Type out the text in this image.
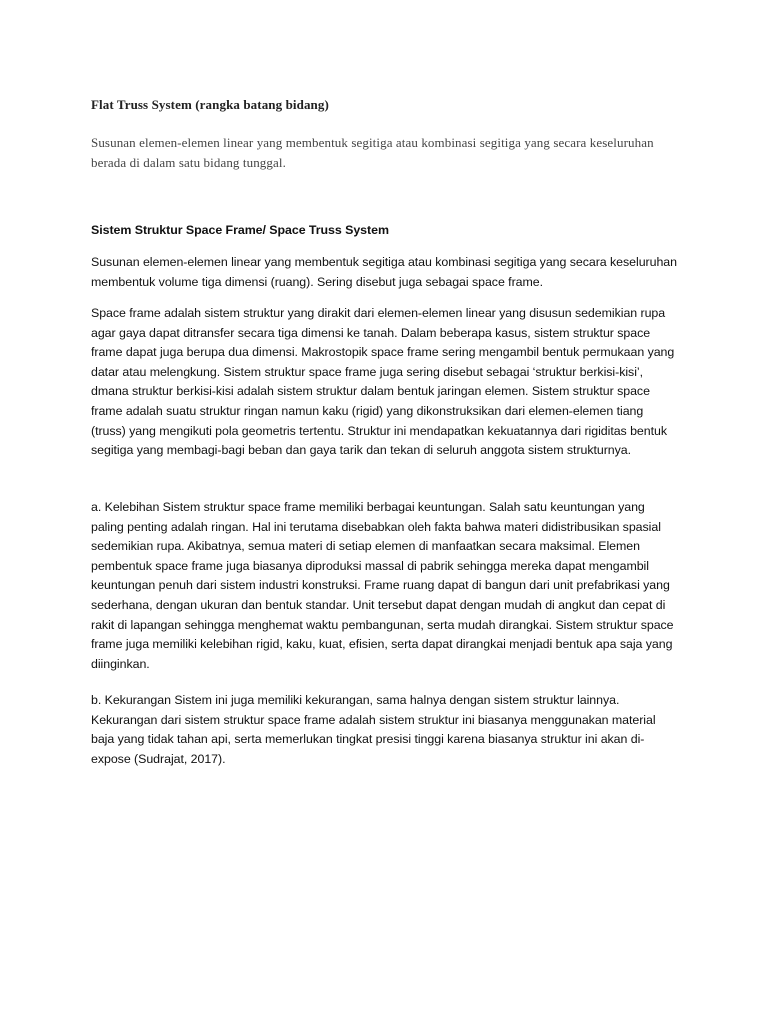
Flat Truss System (rangka batang bidang)

Susunan elemen-elemen linear yang membentuk segitiga atau kombinasi segitiga yang secara keseluruhan berada di dalam satu bidang tunggal.

Sistem Struktur Space Frame/ Space Truss System

Susunan elemen-elemen linear yang membentuk segitiga atau kombinasi segitiga yang secara keseluruhan membentuk volume tiga dimensi (ruang). Sering disebut juga sebagai space frame.

Space frame adalah sistem struktur yang dirakit dari elemen-elemen linear yang disusun sedemikian rupa agar gaya dapat ditransfer secara tiga dimensi ke tanah. Dalam beberapa kasus, sistem struktur space frame dapat juga berupa dua dimensi. Makrostopik space frame sering mengambil bentuk permukaan yang datar atau melengkung. Sistem struktur space frame juga sering disebut sebagai ‘struktur berkisi-kisi’, dmana struktur berkisi-kisi adalah sistem struktur dalam bentuk jaringan elemen. Sistem struktur space frame adalah suatu struktur ringan namun kaku (rigid) yang dikonstruksikan dari elemen-elemen tiang (truss) yang mengikuti pola geometris tertentu. Struktur ini mendapatkan kekuatannya dari rigiditas bentuk segitiga yang membagi-bagi beban dan gaya tarik dan tekan di seluruh anggota sistem strukturnya.

a. Kelebihan Sistem struktur space frame memiliki berbagai keuntungan. Salah satu keuntungan yang paling penting adalah ringan. Hal ini terutama disebabkan oleh fakta bahwa materi didistribusikan spasial sedemikian rupa. Akibatnya, semua materi di setiap elemen di manfaatkan secara maksimal. Elemen pembentuk space frame juga biasanya diproduksi massal di pabrik sehingga mereka dapat mengambil keuntungan penuh dari sistem industri konstruksi. Frame ruang dapat di bangun dari unit prefabrikasi yang sederhana, dengan ukuran dan bentuk standar. Unit tersebut dapat dengan mudah di angkut dan cepat di rakit di lapangan sehingga menghemat waktu pembangunan, serta mudah dirangkai. Sistem struktur space frame juga memiliki kelebihan rigid, kaku, kuat, efisien, serta dapat dirangkai menjadi bentuk apa saja yang diinginkan.

b. Kekurangan Sistem ini juga memiliki kekurangan, sama halnya dengan sistem struktur lainnya. Kekurangan dari sistem struktur space frame adalah sistem struktur ini biasanya menggunakan material baja yang tidak tahan api, serta memerlukan tingkat presisi tinggi karena biasanya struktur ini akan di-expose (Sudrajat, 2017).
